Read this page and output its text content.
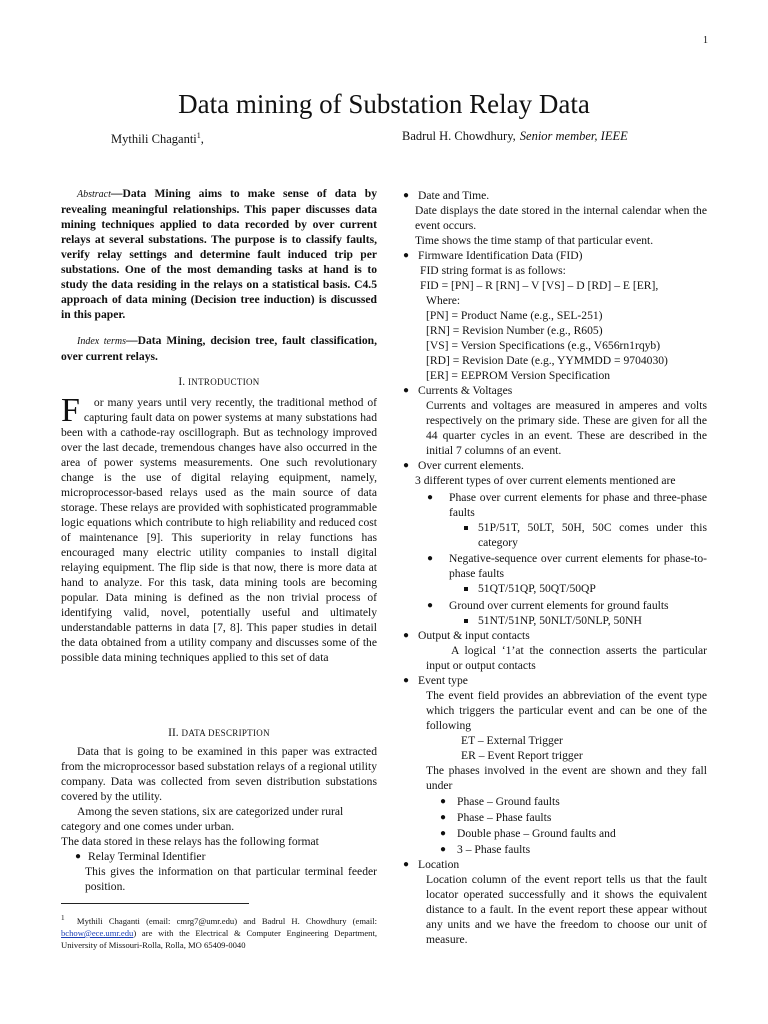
1
Data mining of Substation Relay Data
Mythili Chaganti$^1$,	Badrul H. Chowdhury, Senior member, IEEE
Abstract—Data Mining aims to make sense of data by revealing meaningful relationships. This paper discusses data mining techniques applied to data recorded by over current relays at several substations. The purpose is to classify faults, verify relay settings and determine fault induced trip per substations. One of the most demanding tasks at hand is to study the data residing in the relays on a statistical basis. C4.5 approach of data mining (Decision tree induction) is discussed in this paper.
Index terms—Data Mining, decision tree, fault classification, over current relays.
I. INTRODUCTION
F or many years until very recently, the traditional method of capturing fault data on power systems at many substations had been with a cathode-ray oscillograph. But as technology improved over the last decade, tremendous changes have also occurred in the area of power systems measurements. One such revolutionary change is the use of digital relaying equipment, namely, microprocessor-based relays used as the main source of data storage. These relays are provided with sophisticated programmable logic equations which contribute to high reliability and reduced cost of maintenance [9]. This superiority in relay functions has encouraged many electric utility companies to install digital relaying equipment. The flip side is that now, there is more data at hand to analyze. For this task, data mining tools are becoming popular. Data mining is defined as the non trivial process of identifying valid, novel, potentially useful and ultimately understandable patterns in data [7, 8]. This paper studies in detail the data obtained from a utility company and discusses some of the possible data mining techniques applied to this set of data
II. DATA DESCRIPTION

Data that is going to be examined in this paper was extracted from the microprocessor based substation relays of a regional utility company. Data was collected from seven distribution substations covered by the utility.

Among the seven stations, six are categorized under rural category and one comes under urban.

The data stored in these relays has the following format

● Relay Terminal Identifier

This gives the information on that particular terminal feeder position.

$^1$ Mythili Chaganti (email: cmrg7@umr.edu) and Badrul H. Chowdhury (email: bchow@ece.umr.edu) are with the Electrical & Computer Engineering Department, University of Missouri-Rolla, Rolla, MO 65409-0040
● Date and Time.

Date displays the date stored in the internal calendar when the event occurs.

Time shows the time stamp of that particular event.

● Firmware Identification Data (FID)

FID string format is as follows:

FID = [PN] – R [RN] – V [VS] – D [RD] – E [ER],

Where:

[PN] = Product Name (e.g., SEL-251)

[RN] = Revision Number (e.g., R605)

[VS] = Version Specifications (e.g., V656rn1rqyb)

[RD] = Revision Date (e.g., YYMMDD = 9704030)

[ER] = EEPROM Version Specification

● Currents & Voltages

Currents and voltages are measured in amperes and volts respectively on the primary side. These are given for all the 44 quarter cycles in an event. These are described in the initial 7 columns of an event.

● Over current elements.

3 different types of over current elements mentioned are

● Phase over current elements for phase and three-phase faults
51P/51T, 50LT, 50H, 50C comes under this category
● Negative-sequence over current elements for phase-to-phase faults
51QT/51QP, 50QT/50QP
● Ground over current elements for ground faults
51NT/51NP, 50NLT/50NLP, 50NH
● Output & input contacts

A logical ‘1’at the connection asserts the particular input or output contacts

● Event type

The event field provides an abbreviation of the event type which triggers the particular event and can be one of the following

ET – External Trigger

ER – Event Report trigger

The phases involved in the event are shown and they fall under

● Phase – Ground faults
● Phase – Phase faults
● Double phase – Ground faults and
● 3 – Phase faults
● Location

Location column of the event report tells us that the fault locator operated successfully and it shows the equivalent distance to a fault. In the event report these appear without any units and we have the freedom to choose our unit of measure.
